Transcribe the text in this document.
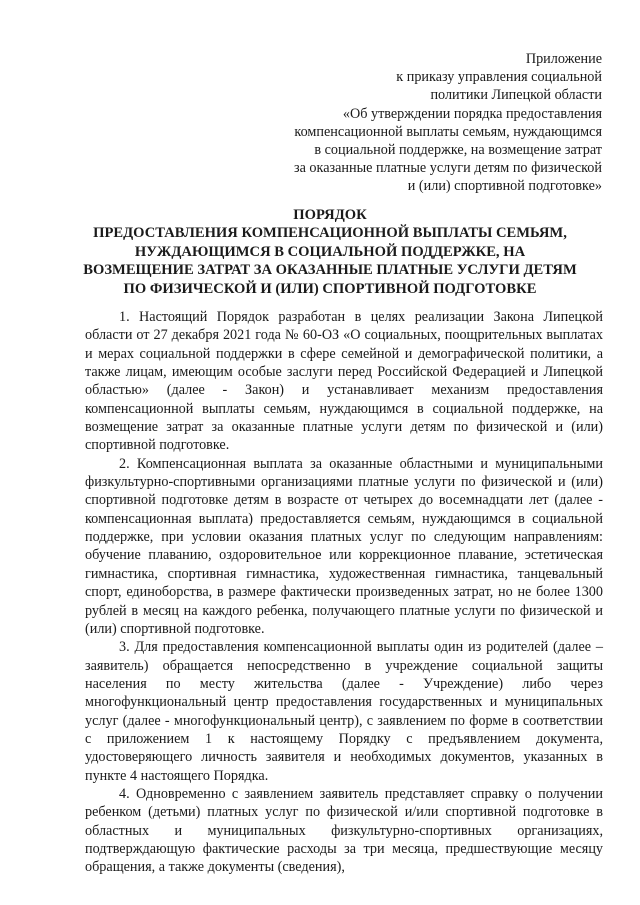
Приложение
к приказу управления социальной
политики Липецкой области
«Об утверждении порядка предоставления
компенсационной выплаты семьям, нуждающимся
в социальной поддержке, на возмещение затрат
за оказанные платные услуги детям по физической
и (или) спортивной подготовке»
ПОРЯДОК
ПРЕДОСТАВЛЕНИЯ КОМПЕНСАЦИОННОЙ ВЫПЛАТЫ СЕМЬЯМ,
НУЖДАЮЩИМСЯ В СОЦИАЛЬНОЙ ПОДДЕРЖКЕ, НА
ВОЗМЕЩЕНИЕ ЗАТРАТ ЗА ОКАЗАННЫЕ ПЛАТНЫЕ УСЛУГИ ДЕТЯМ
ПО ФИЗИЧЕСКОЙ И (ИЛИ) СПОРТИВНОЙ ПОДГОТОВКЕ

1. Настоящий Порядок разработан в целях реализации Закона Липецкой области от 27 декабря 2021 года № 60-ОЗ «О социальных, поощрительных выплатах и мерах социальной поддержки в сфере семейной и демографической политики, а также лицам, имеющим особые заслуги перед Российской Федерацией и Липецкой областью» (далее - Закон) и устанавливает механизм предоставления компенсационной выплаты семьям, нуждающимся в социальной поддержке, на возмещение затрат за оказанные платные услуги детям по физической и (или) спортивной подготовке.

2. Компенсационная выплата за оказанные областными и муниципальными физкультурно-спортивными организациями платные услуги по физической и (или) спортивной подготовке детям в возрасте от четырех до восемнадцати лет (далее - компенсационная выплата) предоставляется семьям, нуждающимся в социальной поддержке, при условии оказания платных услуг по следующим направлениям: обучение плаванию, оздоровительное или коррекционное плавание, эстетическая гимнастика, спортивная гимнастика, художественная гимнастика, танцевальный спорт, единоборства, в размере фактически произведенных затрат, но не более 1300 рублей в месяц на каждого ребенка, получающего платные услуги по физической и (или) спортивной подготовке.

3. Для предоставления компенсационной выплаты один из родителей (далее – заявитель) обращается непосредственно в учреждение социальной защиты населения по месту жительства (далее - Учреждение) либо через многофункциональный центр предоставления государственных и муниципальных услуг (далее - многофункциональный центр), с заявлением по форме в соответствии с приложением 1 к настоящему Порядку с предъявлением документа, удостоверяющего личность заявителя и необходимых документов, указанных в пункте 4 настоящего Порядка.

4. Одновременно с заявлением заявитель представляет справку о получении ребенком (детьми) платных услуг по физической и/или спортивной подготовке в областных и муниципальных физкультурно-спортивных организациях, подтверждающую фактические расходы за три месяца, предшествующие месяцу обращения, а также документы (сведения),
